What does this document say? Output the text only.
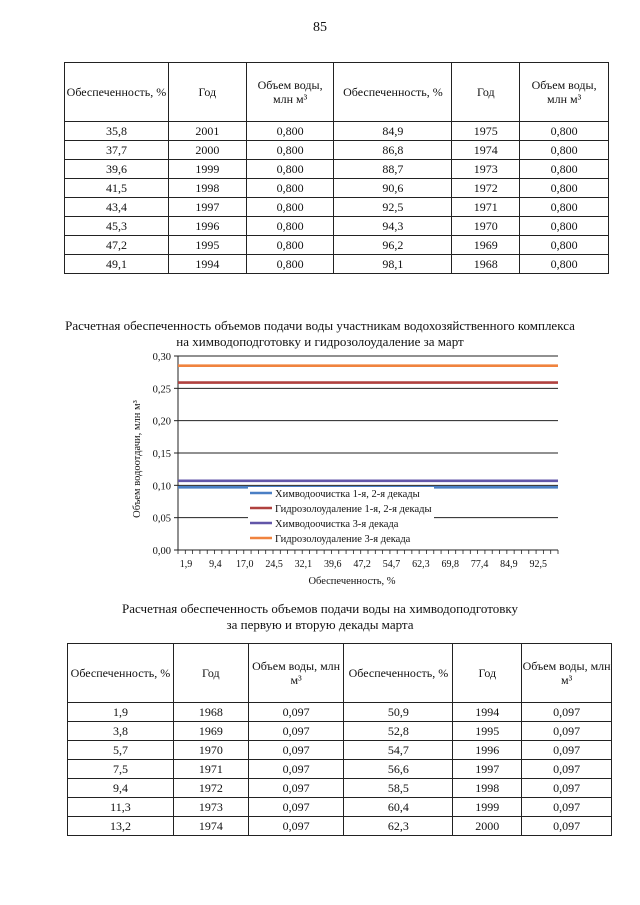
85
Обеспеченность, %	Год	Объем воды, млн м³	Обеспеченность, %	Год	Объем воды, млн м³
35,8	2001	0,800	84,9	1975	0,800
37,7	2000	0,800	86,8	1974	0,800
39,6	1999	0,800	88,7	1973	0,800
41,5	1998	0,800	90,6	1972	0,800
43,4	1997	0,800	92,5	1971	0,800
45,3	1996	0,800	94,3	1970	0,800
47,2	1995	0,800	96,2	1969	0,800
49,1	1994	0,800	98,1	1968	0,800
Расчетная обеспеченность объемов подачи воды участникам водохозяйственного комплекса
на химводоподготовку и гидрозолоудаление за март
0,00
0,05
0,10
0,15
0,20
0,25
0,30
1,9 9,4 17,0 24,5 32,1 39,6 47,2 54,7 62,3 69,8 77,4 84,9 92,5
Обеспеченность, %
Объем водоотдачи, млн м³	Химводоочистка 1-я, 2-я декады
Гидрозолоудаление 1-я, 2-я декады
Химводоочистка 3-я декада
Гидрозолоудаление 3-я декада
Расчетная обеспеченность объемов подачи воды на химводоподготовку
за первую и вторую декады марта
Обеспеченность, %	Год	Объем воды, млн м³	Обеспеченность, %	Год	Объем воды, млн м³
1,9	1968	0,097	50,9	1994	0,097
3,8	1969	0,097	52,8	1995	0,097
5,7	1970	0,097	54,7	1996	0,097
7,5	1971	0,097	56,6	1997	0,097
9,4	1972	0,097	58,5	1998	0,097
11,3	1973	0,097	60,4	1999	0,097
13,2	1974	0,097	62,3	2000	0,097
